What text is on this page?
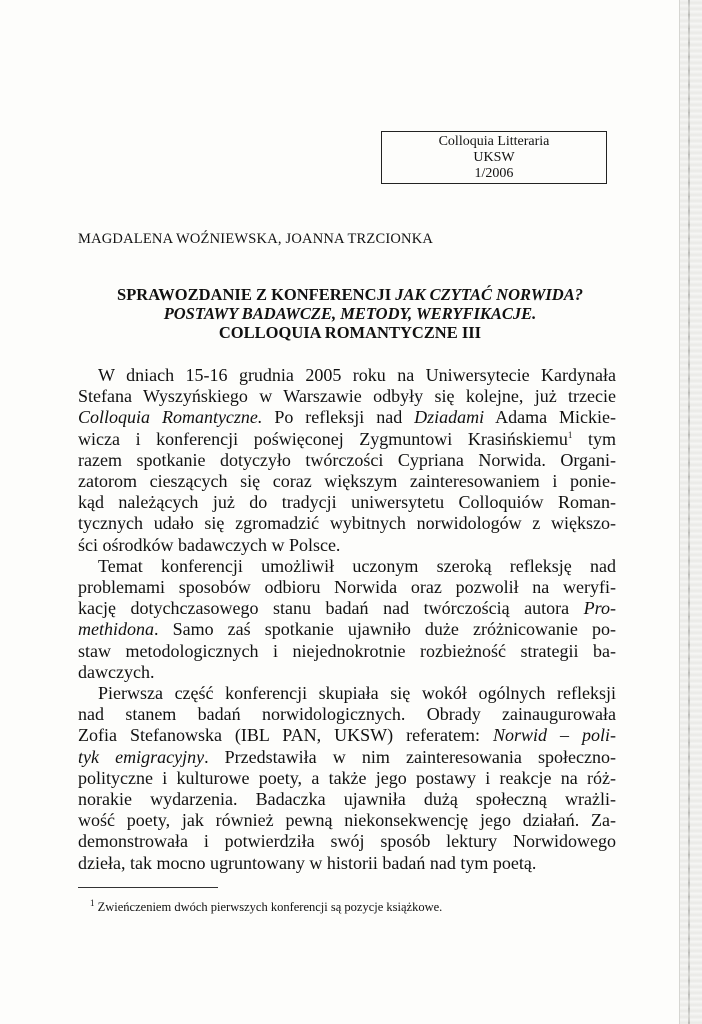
Colloquia Litteraria
UKSW
1/2006
MAGDALENA WOŹNIEWSKA, JOANNA TRZCIONKA
SPRAWOZDANIE Z KONFERENCJI JAK CZYTAĆ NORWIDA?
POSTAWY BADAWCZE, METODY, WERYFIKACJE.
COLLOQUIA ROMANTYCZNE III
W dniach 15-16 grudnia 2005 roku na Uniwersytecie Kardynała
Stefana Wyszyńskiego w Warszawie odbyły się kolejne, już trzecie
Colloquia Romantyczne. Po refleksji nad Dziadami Adama Mickie-
wicza i konferencji poświęconej Zygmuntowi Krasińskiemu$^1$ tym
razem spotkanie dotyczyło twórczości Cypriana Norwida. Organi-
zatorom cieszących się coraz większym zainteresowaniem i ponie-
kąd należących już do tradycji uniwersytetu Colloquiów Roman-
tycznych udało się zgromadzić wybitnych norwidologów z większo-
ści ośrodków badawczych w Polsce.
Temat konferencji umożliwił uczonym szeroką refleksję nad
problemami sposobów odbioru Norwida oraz pozwolił na weryfi-
kację dotychczasowego stanu badań nad twórczością autora Pro-
methidona. Samo zaś spotkanie ujawniło duże zróżnicowanie po-
staw metodologicznych i niejednokrotnie rozbieżność strategii ba-
dawczych.
Pierwsza część konferencji skupiała się wokół ogólnych refleksji
nad stanem badań norwidologicznych. Obrady zainaugurowała
Zofia Stefanowska (IBL PAN, UKSW) referatem: Norwid – poli-
tyk emigracyjny. Przedstawiła w nim zainteresowania społeczno-
polityczne i kulturowe poety, a także jego postawy i reakcje na róż-
norakie wydarzenia. Badaczka ujawniła dużą społeczną wrażli-
wość poety, jak również pewną niekonsekwencję jego działań. Za-
demonstrowała i potwierdziła swój sposób lektury Norwidowego
dzieła, tak mocno ugruntowany w historii badań nad tym poetą.
$^1$ Zwieńczeniem dwóch pierwszych konferencji są pozycje książkowe.
